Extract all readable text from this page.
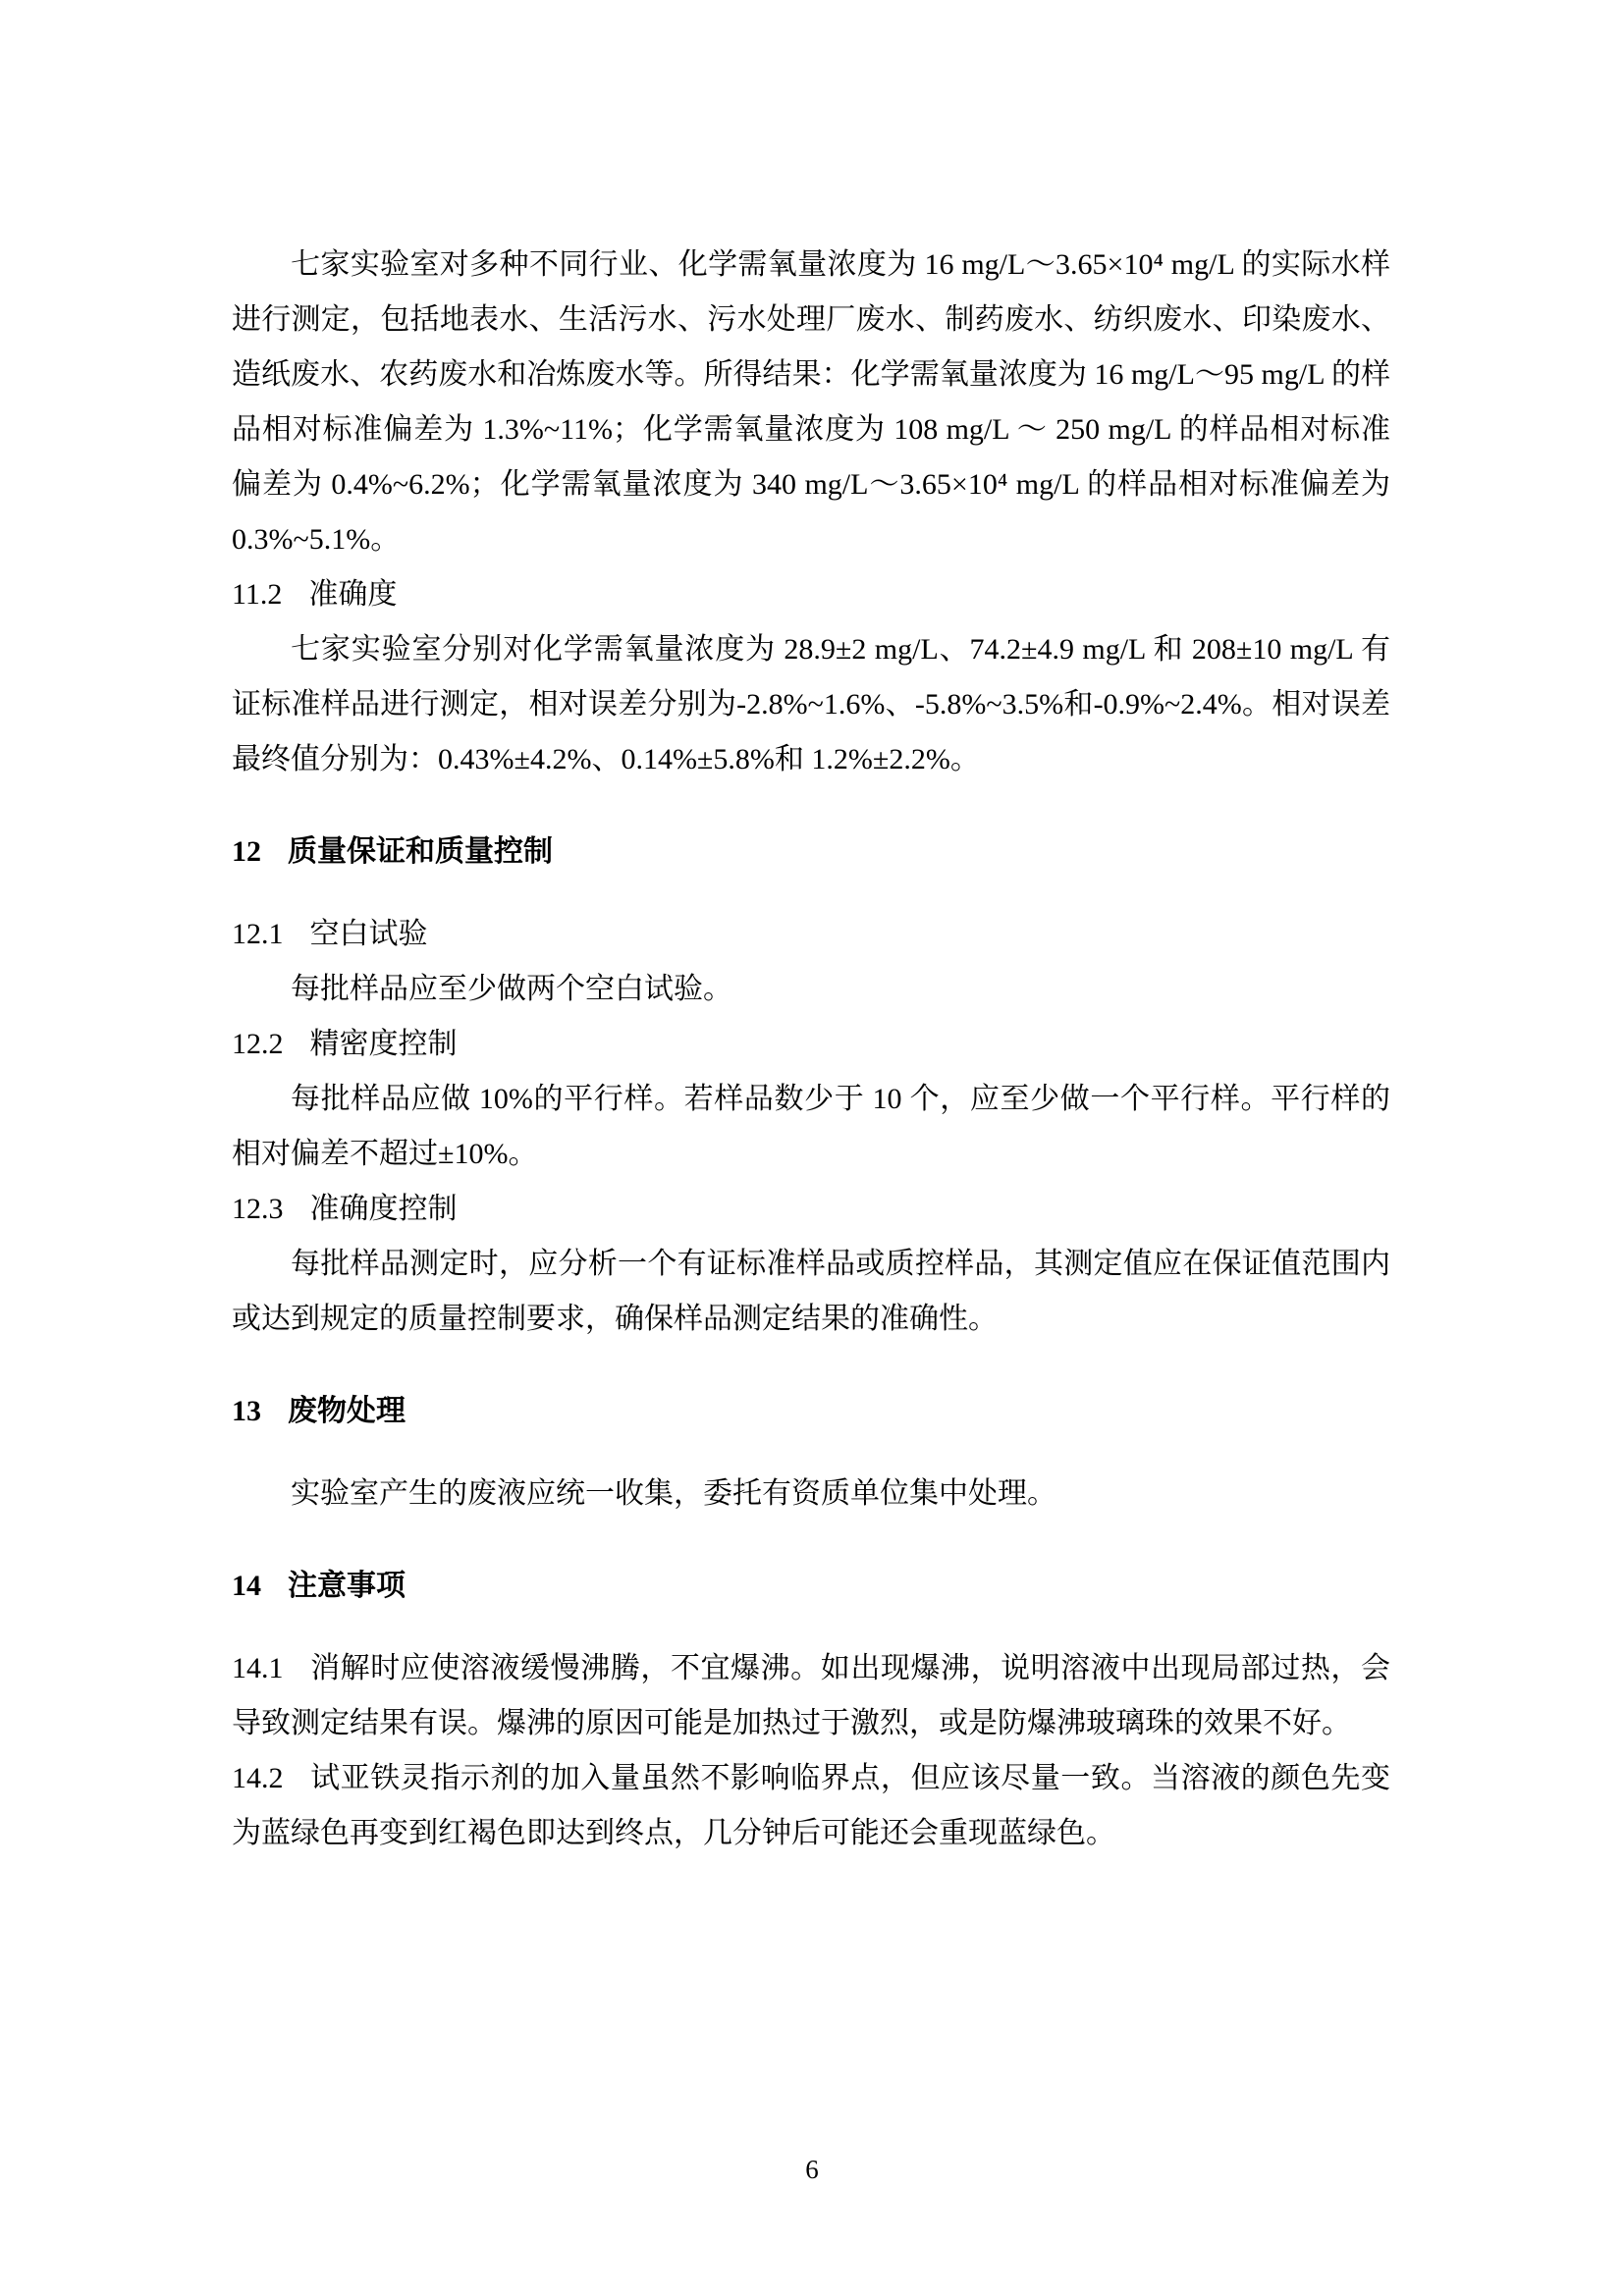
七家实验室对多种不同行业、化学需氧量浓度为 16 mg/L～3.65×10⁴ mg/L 的实际水样进行测定，包括地表水、生活污水、污水处理厂废水、制药废水、纺织废水、印染废水、造纸废水、农药废水和冶炼废水等。所得结果：化学需氧量浓度为 16 mg/L～95 mg/L 的样品相对标准偏差为 1.3%~11%；化学需氧量浓度为 108 mg/L ～ 250 mg/L 的样品相对标准偏差为 0.4%~6.2%；化学需氧量浓度为 340 mg/L～3.65×10⁴ mg/L 的样品相对标准偏差为 0.3%~5.1%。

11.2 准确度

七家实验室分别对化学需氧量浓度为 28.9±2 mg/L、74.2±4.9 mg/L 和 208±10 mg/L 有证标准样品进行测定，相对误差分别为-2.8%~1.6%、-5.8%~3.5%和-0.9%~2.4%。相对误差最终值分别为：0.43%±4.2%、0.14%±5.8%和 1.2%±2.2%。

12 质量保证和质量控制
12.1 空白试验

每批样品应至少做两个空白试验。

12.2 精密度控制

每批样品应做 10%的平行样。若样品数少于 10 个，应至少做一个平行样。平行样的相对偏差不超过±10%。

12.3 准确度控制

每批样品测定时，应分析一个有证标准样品或质控样品，其测定值应在保证值范围内或达到规定的质量控制要求，确保样品测定结果的准确性。

13 废物处理

实验室产生的废液应统一收集，委托有资质单位集中处理。

14 注意事项

14.1 消解时应使溶液缓慢沸腾，不宜爆沸。如出现爆沸，说明溶液中出现局部过热，会导致测定结果有误。爆沸的原因可能是加热过于激烈，或是防爆沸玻璃珠的效果不好。

14.2 试亚铁灵指示剂的加入量虽然不影响临界点，但应该尽量一致。当溶液的颜色先变为蓝绿色再变到红褐色即达到终点，几分钟后可能还会重现蓝绿色。

6
